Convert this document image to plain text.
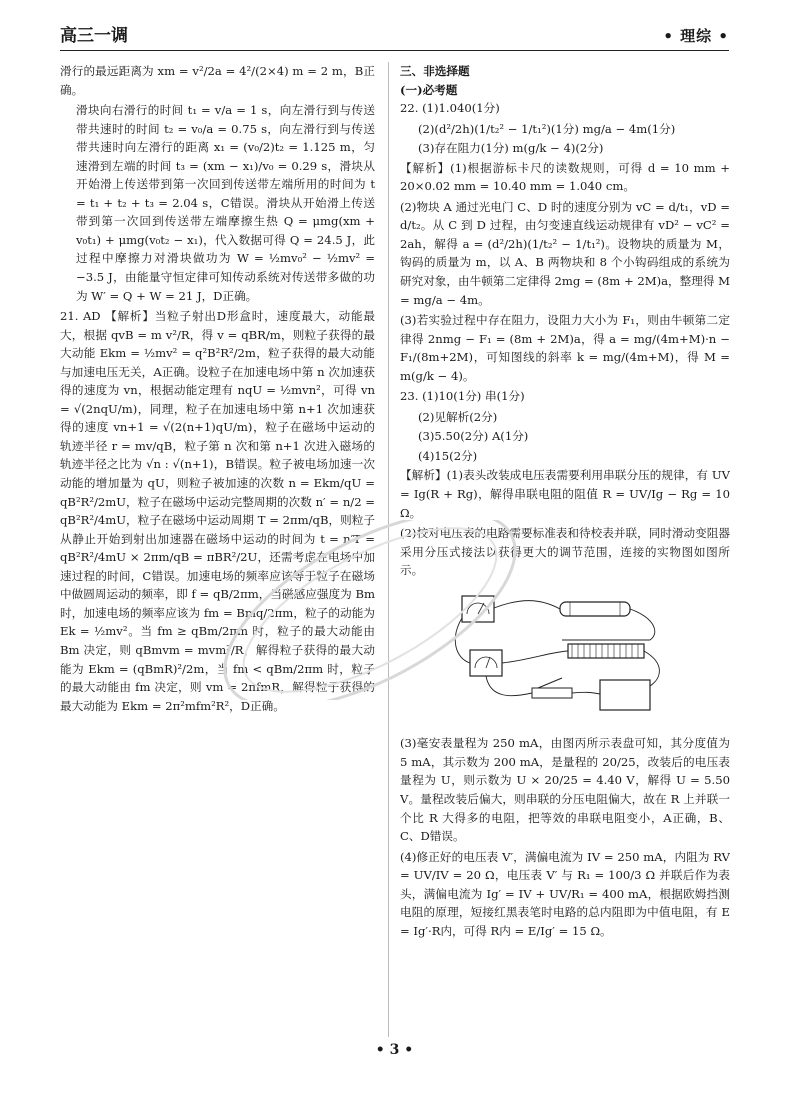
高三一调	• 理综 •

滑行的最远距离为 xm = v²/2a = 4²/(2×4) m = 2 m，B正确。

滑块向右滑行的时间 t₁ = v/a = 1 s，向左滑行到与传送带共速时的时间 t₂ = v₀/a = 0.75 s，向左滑行到与传送带共速时向左滑行的距离 x₁ = (v₀/2)t₂ = 1.125 m，匀速滑到左端的时间 t₃ = (xm − x₁)/v₀ = 0.29 s，滑块从开始滑上传送带到第一次回到传送带左端所用的时间为 t = t₁ + t₂ + t₃ = 2.04 s，C错误。滑块从开始滑上传送带到第一次回到传送带左端摩擦生热 Q = μmg(xm + v₀t₁) + μmg(v₀t₂ − x₁)，代入数据可得 Q = 24.5 J，此过程中摩擦力对滑块做功为 W = ½mv₀² − ½mv² = −3.5 J，由能量守恒定律可知传动系统对传送带多做的功为 W′ = Q + W = 21 J，D正确。

21. AD 【解析】当粒子射出D形盒时，速度最大，动能最大，根据 qvB = m v²/R，得 v = qBR/m，则粒子获得的最大动能 Ekm = ½mv² = q²B²R²/2m，粒子获得的最大动能与加速电压无关，A正确。设粒子在加速电场中第 n 次加速获得的速度为 vn，根据动能定理有 nqU = ½mvn²，可得 vn = √(2nqU/m)，同理，粒子在加速电场中第 n+1 次加速获得的速度 vn+1 = √(2(n+1)qU/m)，粒子在磁场中运动的轨迹半径 r = mv/qB，粒子第 n 次和第 n+1 次进入磁场的轨迹半径之比为 √n : √(n+1)，B错误。粒子被电场加速一次动能的增加量为 qU，则粒子被加速的次数 n = Ekm/qU = qB²R²/2mU，粒子在磁场中运动完整周期的次数 n′ = n/2 = qB²R²/4mU，粒子在磁场中运动周期 T = 2πm/qB，则粒子从静止开始到射出加速器在磁场中运动的时间为 t = n′T = qB²R²/4mU × 2πm/qB = πBR²/2U，还需考虑在电场中加速过程的时间，C错误。加速电场的频率应该等于粒子在磁场中做圆周运动的频率，即 f = qB/2πm，当磁感应强度为 Bm 时，加速电场的频率应该为 fm = Bmq/2πm，粒子的动能为 Ek = ½mv²。当 fm ≥ qBm/2πm 时，粒子的最大动能由 Bm 决定，则 qBmvm = mvm²/R，解得粒子获得的最大动能为 Ekm = (qBmR)²/2m，当 fm < qBm/2πm 时，粒子的最大动能由 fm 决定，则 vm = 2πfmR，解得粒子获得的最大动能为 Ekm = 2π²mfm²R²，D正确。

三、非选择题

(一)必考题

22. (1)1.040(1分)

(2)(d²/2h)(1/t₂² − 1/t₁²)(1分) mg/a − 4m(1分)

(3)存在阻力(1分) m(g/k − 4)(2分)

【解析】(1)根据游标卡尺的读数规则，可得 d = 10 mm + 20×0.02 mm = 10.40 mm = 1.040 cm。

(2)物块 A 通过光电门 C、D 时的速度分别为 vC = d/t₁，vD = d/t₂。从 C 到 D 过程，由匀变速直线运动规律有 vD² − vC² = 2ah，解得 a = (d²/2h)(1/t₂² − 1/t₁²)。设物块的质量为 M，钩码的质量为 m，以 A、B 两物块和 8 个小钩码组成的系统为研究对象，由牛顿第二定律得 2mg = (8m + 2M)a，整理得 M = mg/a − 4m。

(3)若实验过程中存在阻力，设阻力大小为 F₁，则由牛顿第二定律得 2nmg − F₁ = (8m + 2M)a，得 a = mg/(4m+M)·n − F₁/(8m+2M)，可知图线的斜率 k = mg/(4m+M)，得 M = m(g/k − 4)。

23. (1)10(1分) 串(1分)

(2)见解析(2分)

(3)5.50(2分) A(1分)

(4)15(2分)

【解析】(1)表头改装成电压表需要利用串联分压的规律，有 UV = Ig(R + Rg)，解得串联电阻的阻值 R = UV/Ig − Rg = 10 Ω。

(2)校对电压表的电路需要标准表和待校表并联，同时滑动变阻器采用分压式接法以获得更大的调节范围，连接的实物图如图所示。

(3)毫安表量程为 250 mA，由图丙所示表盘可知，其分度值为 5 mA，其示数为 200 mA，是量程的 20/25，改装后的电压表量程为 U，则示数为 U × 20/25 = 4.40 V，解得 U = 5.50 V。量程改装后偏大，则串联的分压电阻偏大，故在 R 上并联一个比 R 大得多的电阻，把等效的串联电阻变小，A正确，B、C、D错误。

(4)修正好的电压表 V′，满偏电流为 IV = 250 mA，内阻为 RV = UV/IV = 20 Ω，电压表 V′ 与 R₁ = 100/3 Ω 并联后作为表头，满偏电流为 Ig′ = IV + UV/R₁ = 400 mA，根据欧姆挡测电阻的原理，短接红黑表笔时电路的总内阻即为中值电阻，有 E = Ig′·R内，可得 R内 = E/Ig′ = 15 Ω。

• 3 •
